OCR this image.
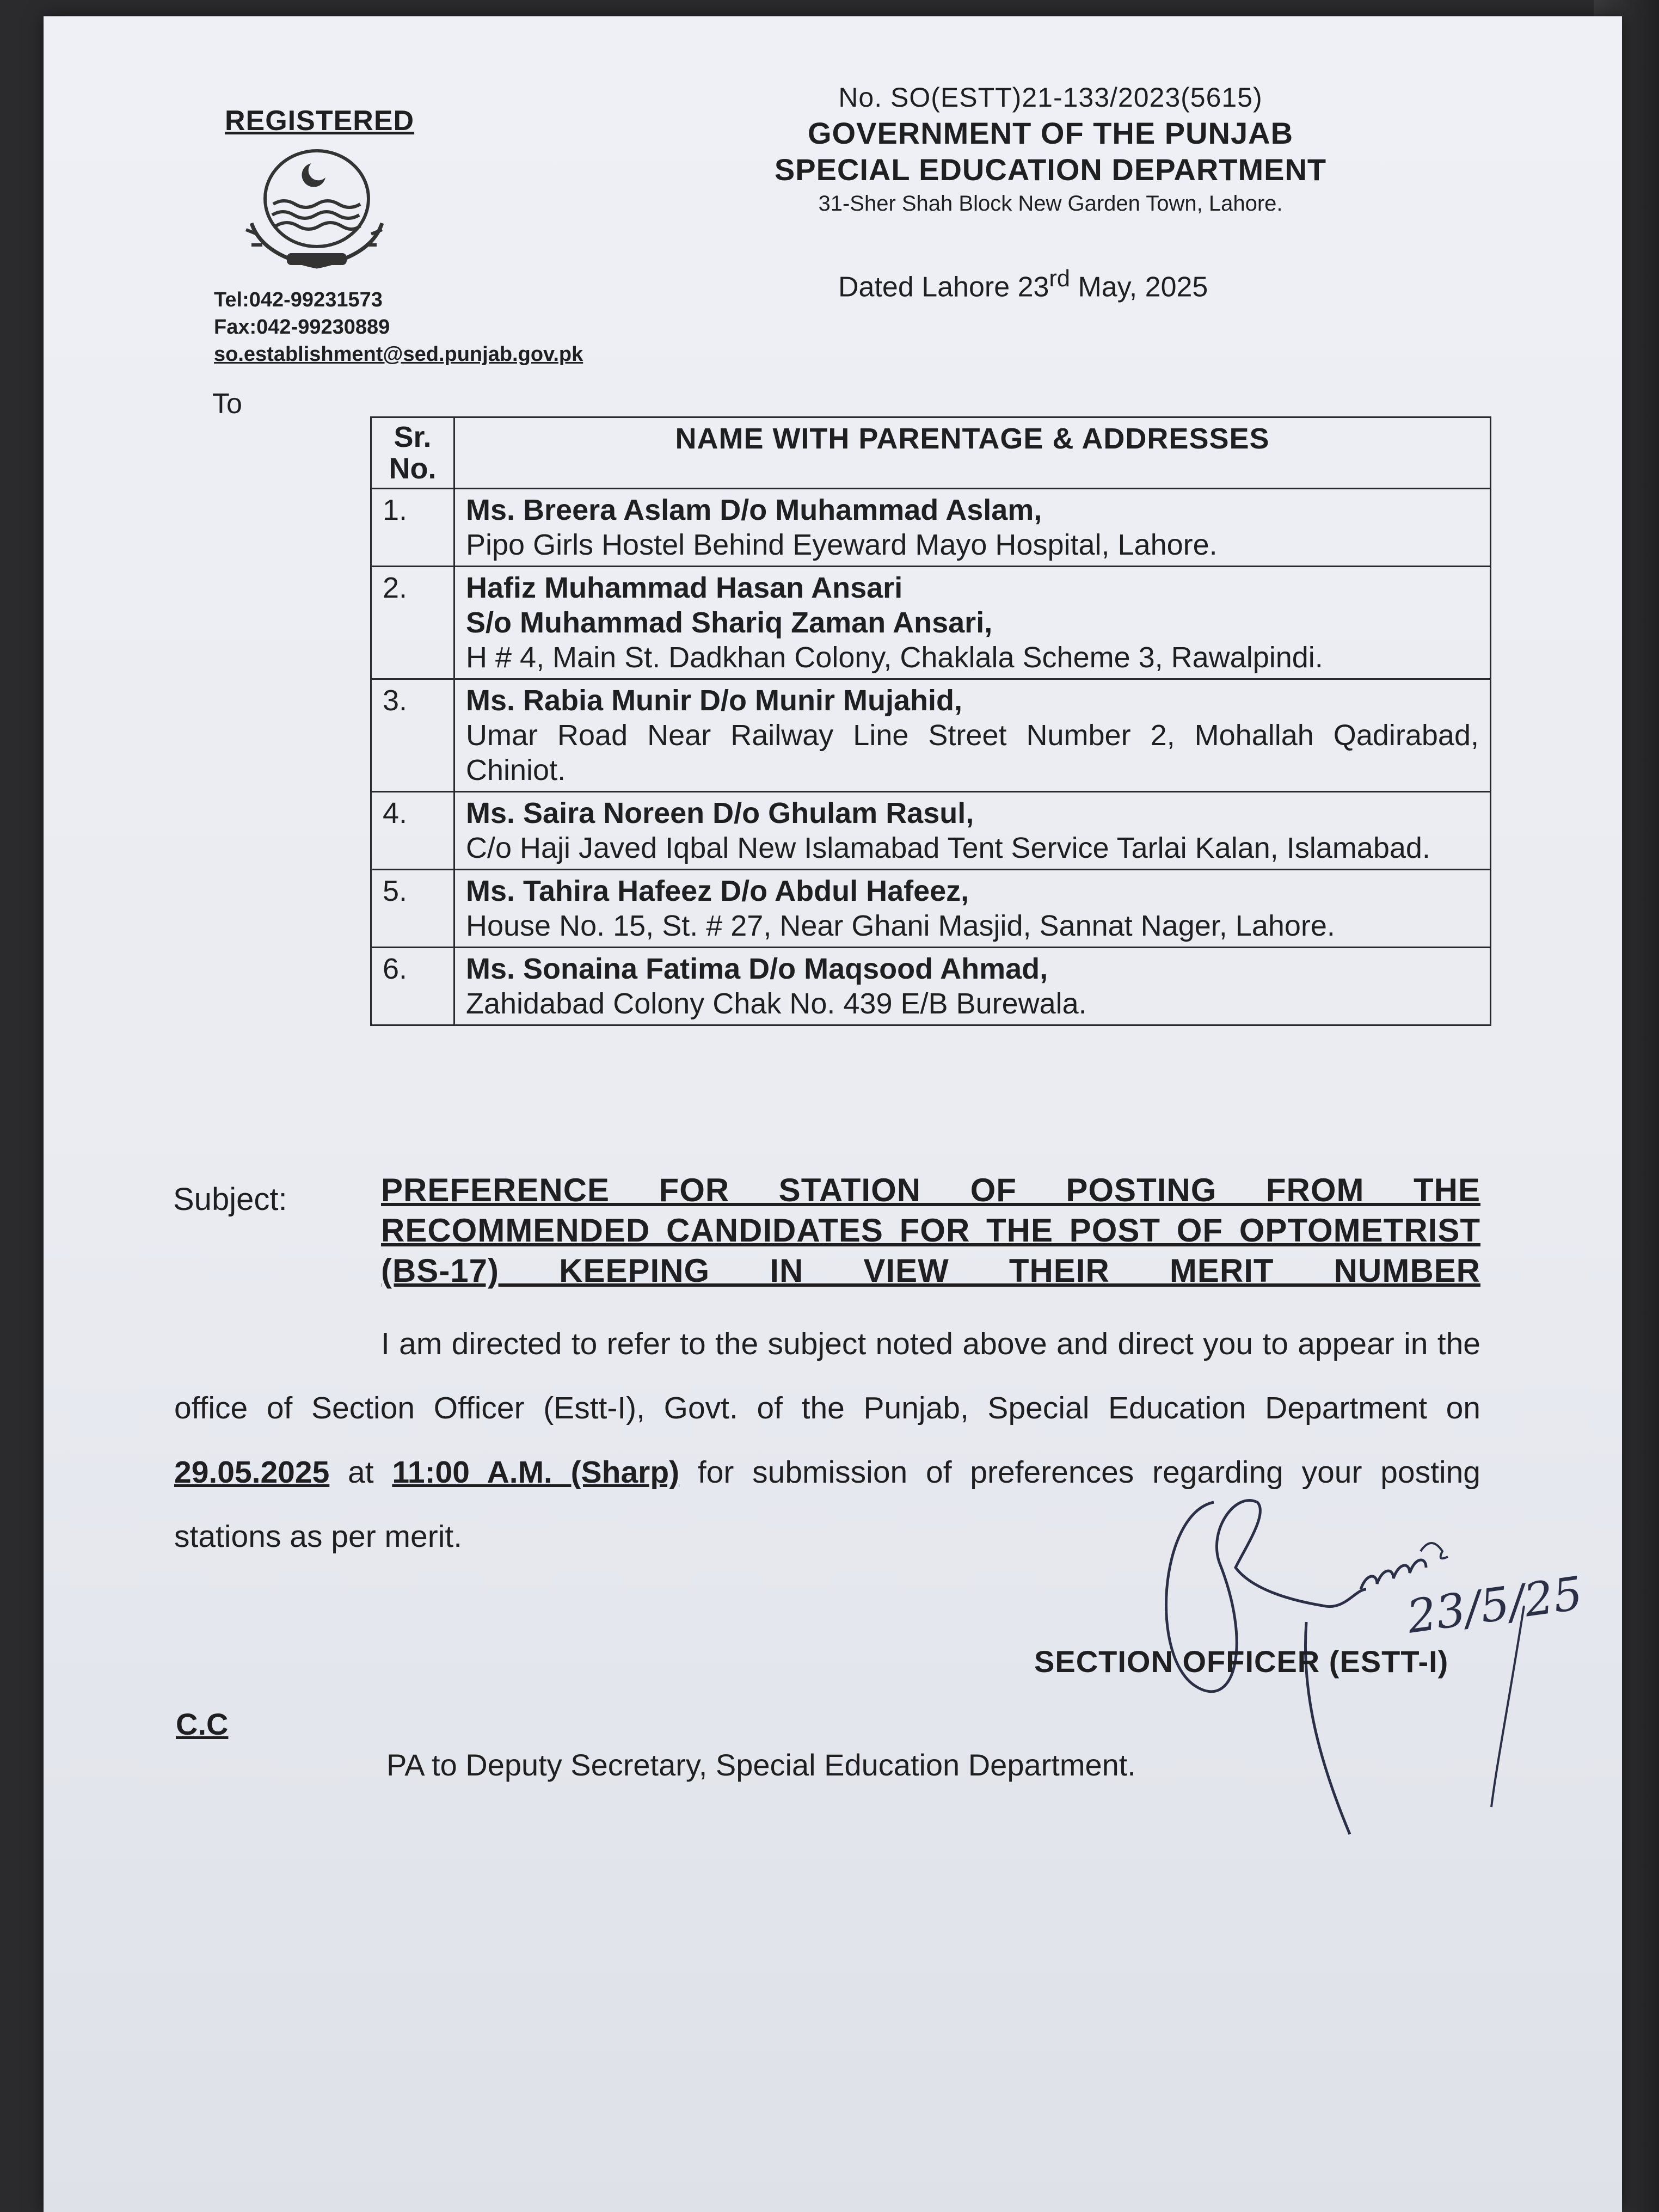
REGISTERED
Tel:042-99231573
Fax:042-99230889
so.establishment@sed.punjab.gov.pk
No. SO(ESTT)21-133/2023(5615)
GOVERNMENT OF THE PUNJAB
SPECIAL EDUCATION DEPARTMENT
31-Sher Shah Block New Garden Town, Lahore.
Dated Lahore 23rd May, 2025
To
Sr. No.	NAME WITH PARENTAGE & ADDRESSES
1.	Ms. Breera Aslam D/o Muhammad Aslam,
Pipo Girls Hostel Behind Eyeward Mayo Hospital, Lahore.

2.	Hafiz Muhammad Hasan Ansari
S/o Muhammad Shariq Zaman Ansari,
H # 4, Main St. Dadkhan Colony, Chaklala Scheme 3, Rawalpindi.

3.	Ms. Rabia Munir D/o Munir Mujahid,
Umar Road Near Railway Line Street Number 2, Mohallah Qadirabad, Chiniot.

4.	Ms. Saira Noreen D/o Ghulam Rasul,
C/o Haji Javed Iqbal New Islamabad Tent Service Tarlai Kalan, Islamabad.

5.	Ms. Tahira Hafeez D/o Abdul Hafeez,
House No. 15, St. # 27, Near Ghani Masjid, Sannat Nager, Lahore.

6.	Ms. Sonaina Fatima D/o Maqsood Ahmad,
Zahidabad Colony Chak No. 439 E/B Burewala.
Subject:	PREFERENCE FOR STATION OF POSTING FROM THE RECOMMENDED CANDIDATES FOR THE POST OF OPTOMETRIST (BS-17) KEEPING IN VIEW THEIR MERIT NUMBER
I am directed to refer to the subject noted above and direct you to appear in the office of Section Officer (Estt-I), Govt. of the Punjab, Special Education Department on 29.05.2025 at 11:00 A.M. (Sharp) for submission of preferences regarding your posting stations as per merit.
23/5/25
SECTION OFFICER (ESTT-I)
C.C
PA to Deputy Secretary, Special Education Department.
